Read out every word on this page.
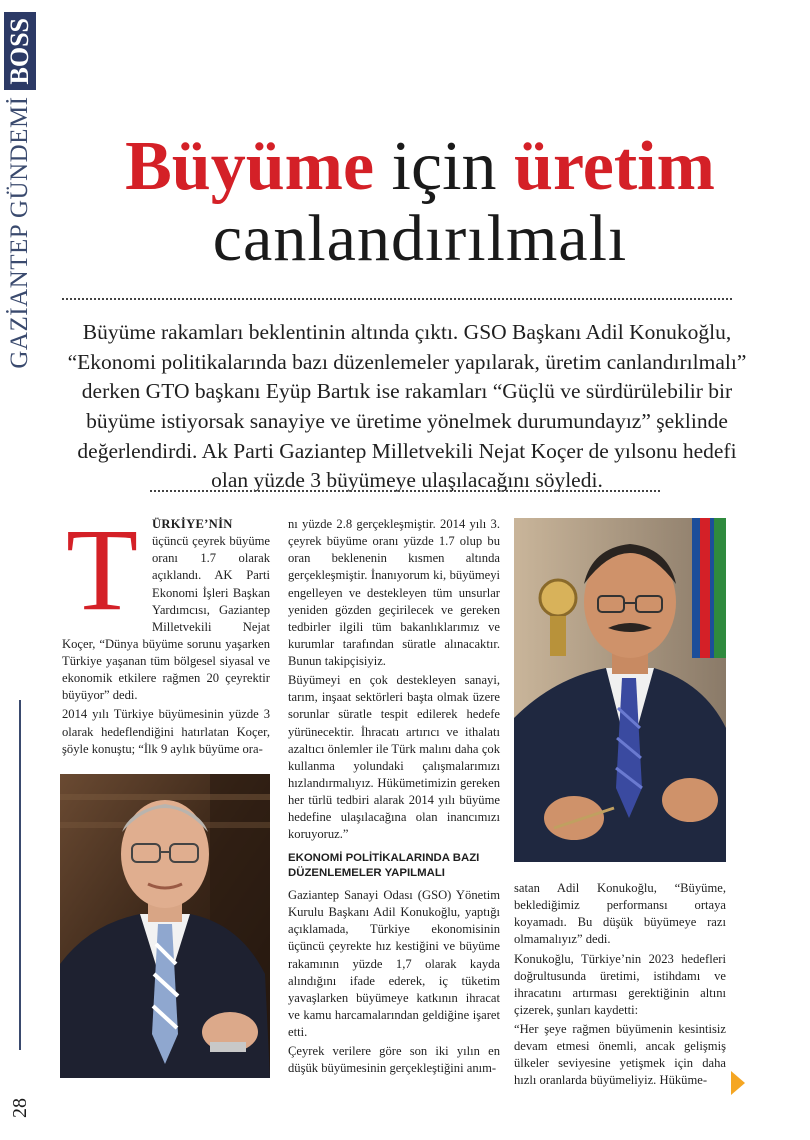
GAZİANTEP GÜNDEMİ
BOSS
28
Büyüme için üretim
canlandırılmalı
Büyüme rakamları beklentinin altında çıktı. GSO Başkanı Adil Konukoğlu, “Ekonomi politikalarında bazı düzenlemeler yapılarak, üretim canlandırılmalı” derken GTO başkanı Eyüp Bartık ise rakamları “Güçlü ve sürdürülebilir bir büyüme istiyorsak sanayiye ve üretime yönelmek durumundayız” şeklinde değerlendirdi. Ak Parti Gaziantep Milletvekili Nejat Koçer de yılsonu hedefi olan yüzde 3 büyümeye ulaşılacağını söyledi.

T	ÜRKİYE’NİN üçüncü çeyrek büyüme oranı 1.7 olarak açıklandı. AK Parti Ekonomi İşleri Başkan Yardımcısı, Gaziantep Milletvekili Nejat Koçer, “Dünya büyüme sorunu yaşarken Türkiye yaşanan tüm bölgesel siyasal ve ekonomik etkilere rağmen 20 çeyrektir büyüyor” dedi.

2014 yılı Türkiye büyümesinin yüzde 3 olarak hedeflendiğini hatırlatan Koçer, şöyle konuştu; “İlk 9 aylık büyüme ora-

nı yüzde 2.8 gerçekleşmiştir. 2014 yılı 3. çeyrek büyüme oranı yüzde 1.7 olup bu oran beklenenin kısmen altında gerçekleşmiştir. İnanıyorum ki, büyümeyi engelleyen ve destekleyen tüm unsurlar yeniden gözden geçirilecek ve gereken tedbirler ilgili tüm bakanlıklarımız ve kurumlar tarafından süratle alınacaktır. Bunun takipçisiyiz.

Büyümeyi en çok destekleyen sanayi, tarım, inşaat sektörleri başta olmak üzere sorunlar süratle tespit edilerek hedefe yürünecektir. İhracatı artırıcı ve ithalatı azaltıcı önlemler ile Türk malını daha çok kullanma yolundaki çalışmalarımızı hızlandırmalıyız. Hükümetimizin gereken her türlü tedbiri alarak 2014 yılı büyüme hedefine ulaşılacağına olan inancımızı koruyoruz.”

EKONOMİ POLİTİKALARINDA BAZI DÜZENLEMELER YAPILMALI

Gaziantep Sanayi Odası (GSO) Yönetim Kurulu Başkanı Adil Konukoğlu, yaptığı açıklamada, Türkiye ekonomisinin üçüncü çeyrekte hız kestiğini ve büyüme rakamının yüzde 1,7 olarak kayda alındığını ifade ederek, iç tüketim yavaşlarken büyümeye katkının ihracat ve kamu harcamalarından geldiğine işaret etti.

Çeyrek verilere göre son iki yılın en düşük büyümesinin gerçekleştiğini anım-

satan Adil Konukoğlu, “Büyüme, beklediğimiz performansı ortaya koyamadı. Bu düşük büyümeye razı olmamalıyız” dedi.

Konukoğlu, Türkiye’nin 2023 hedefleri doğrultusunda üretimi, istihdamı ve ihracatını artırması gerektiğinin altını çizerek, şunları kaydetti:

“Her şeye rağmen büyümenin kesintisiz devam etmesi önemli, ancak gelişmiş ülkeler seviyesine yetişmek için daha hızlı oranlarda büyümeliyiz. Hüküme-
